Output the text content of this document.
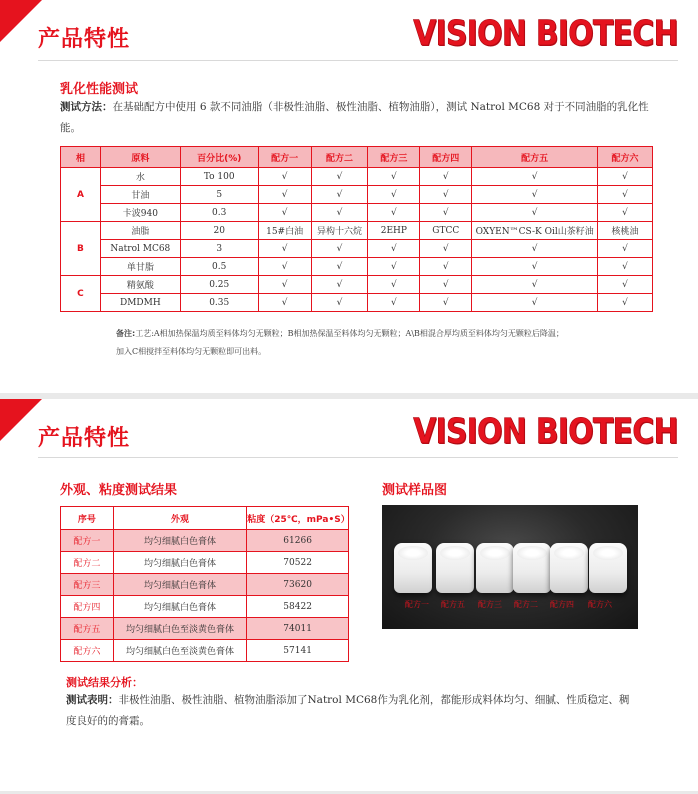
产品特性	VISION BIOTECH
乳化性能测试
测试方法：在基础配方中使用 6 款不同油脂（非极性油脂、极性油脂、植物油脂），测试 Natrol MC68 对于不同油脂的乳化性能。
相	原料	百分比(%)	配方一	配方二	配方三	配方四	配方五	配方六
A	水	To 100	√	√	√	√	√	√
	甘油	5	√	√	√	√	√	√
	卡波940	0.3	√	√	√	√	√	√
B	油脂	20	15#白油	异构十六烷	2EHP	GTCC	OXYEN™CS-K Oil山茶籽油	核桃油
	Natrol MC68	3	√	√	√	√	√	√
	单甘脂	0.5	√	√	√	√	√	√
C	精氨酸	0.25	√	√	√	√	√	√
	DMDMH	0.35	√	√	√	√	√	√
备注:工艺:A相加热保温均质至料体均匀无颗粒；B相加热保温至料体均匀无颗粒；A\B相混合厚均质至料体均匀无颗粒后降温；
加入C相搅拌至料体均匀无颗粒即可出料。
产品特性	VISION BIOTECH
外观、粘度测试结果	测试样品图
序号	外观	粘度（25℃，mPa•S）
配方一	均匀细腻白色膏体	61266
配方二	均匀细腻白色膏体	70522
配方三	均匀细腻白色膏体	73620
配方四	均匀细腻白色膏体	58422
配方五	均匀细腻白色至淡黄色膏体	74011
配方六	均匀细腻白色至淡黄色膏体	57141
配方一 配方五 配方三 配方二 配方四 配方六
测试结果分析：
测试表明：非极性油脂、极性油脂、植物油脂添加了Natrol MC68作为乳化剂，都能形成料体均匀、细腻、性质稳定、稠度良好的的膏霜。
